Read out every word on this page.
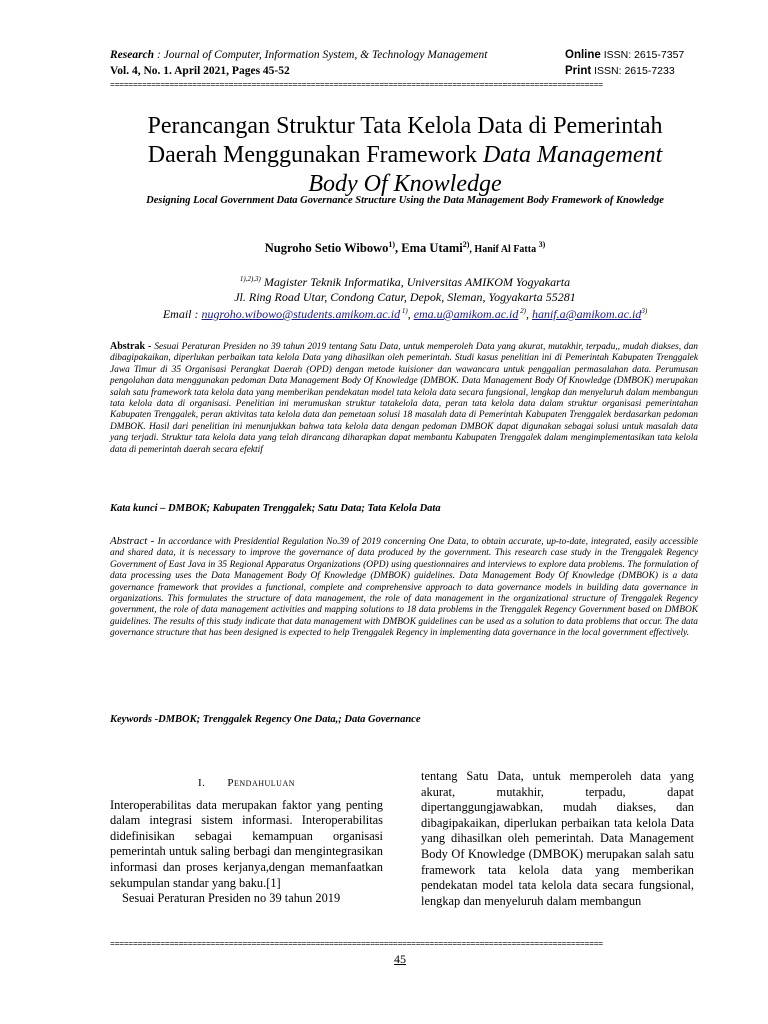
Research : Journal of Computer, Information System, & Technology Management
Vol. 4, No. 1. April 2021, Pages 45-52
Online ISSN: 2615-7357
Print ISSN: 2615-7233
============================================================================================================
Perancangan Struktur Tata Kelola Data di Pemerintah
Daerah Menggunakan Framework Data Management
Body Of Knowledge
Designing Local Government Data Governance Structure Using the Data Management Body Framework of Knowledge
Nugroho Setio Wibowo$^{1)}$, Ema Utami$^{2)}$, Hanif Al Fatta $^{3)}$
$^{1),2),3)}$ Magister Teknik Informatika, Universitas AMIKOM Yogyakarta
Jl. Ring Road Utar, Condong Catur, Depok, Sleman, Yogyakarta 55281
Email : nugroho.wibowo@students.amikom.ac.id $^{1)}$, ema.u@amikom.ac.id $^{2)}$, $hanif.a@amikom.ac.id^{3)}$
Abstrak - Sesuai Peraturan Presiden no 39 tahun 2019 tentang Satu Data, untuk memperoleh Data yang akurat, mutakhir, terpadu,, mudah diakses, dan dibagipakaikan, diperlukan perbaikan tata kelola Data yang dihasilkan oleh pemerintah. Studi kasus penelitian ini di Pemerintah Kabupaten Trenggalek Jawa Timur di 35 Organisasi Perangkat Daerah (OPD) dengan metode kuisioner dan wawancara untuk penggalian permasalahan data. Perumusan pengolahan data menggunakan pedoman Data Management Body Of Knowledge (DMBOK. Data Management Body Of Knowledge (DMBOK) merupakan salah satu framework tata kelola data yang memberikan pendekatan model tata kelola data secara fungsional, lengkap dan menyeluruh dalam membangun tata kelola data di organisasi. Penelitian ini merumuskan struktur tatakelola data, peran tata kelola data dalam struktur organisasi pemerintahan Kabupaten Trenggalek, peran aktivitas tata kelola data dan pemetaan solusi 18 masalah data di Pemerintah Kabupaten Trenggalek berdasarkan pedoman DMBOK. Hasil dari penelitian ini menunjukkan bahwa tata kelola data dengan pedoman DMBOK dapat digunakan sebagai solusi untuk masalah data yang terjadi. Struktur tata kelola data yang telah dirancang diharapkan dapat membantu Kabupaten Trenggalek dalam mengimplementasikan tata kelola data di pemerintah daerah secara efektif
Kata kunci – DMBOK; Kabupaten Trenggalek; Satu Data; Tata Kelola Data
Abstract - In accordance with Presidential Regulation No.39 of 2019 concerning One Data, to obtain accurate, up-to-date, integrated, easily accessible and shared data, it is necessary to improve the governance of data produced by the government. This research case study in the Trenggalek Regency Government of East Java in 35 Regional Apparatus Organizations (OPD) using questionnaires and interviews to explore data problems. The formulation of data processing uses the Data Management Body Of Knowledge (DMBOK) guidelines. Data Management Body Of Knowledge (DMBOK) is a data governance framework that provides a functional, complete and comprehensive approach to data governance models in building data governance in organizations. This formulates the structure of data management, the role of data management in the organizational structure of Trenggalek Regency government, the role of data management activities and mapping solutions to 18 data problems in the Trenggalek Regency Government based on DMBOK guidelines. The results of this study indicate that data management with DMBOK guidelines can be used as a solution to data problems that occur. The data governance structure that has been designed is expected to help Trenggalek Regency in implementing data governance in the local government effectively.
Keywords -DMBOK; Trenggalek Regency One Data,; Data Governance

I. Pendahuluan

Interoperabilitas data merupakan faktor yang penting dalam integrasi sistem informasi. Interoperabilitas didefinisikan sebagai kemampuan organisasi pemerintah untuk saling berbagi dan mengintegrasikan informasi dan proses kerjanya,dengan memanfaatkan sekumpulan standar yang baku.[1]

Sesuai Peraturan Presiden no 39 tahun 2019

tentang Satu Data, untuk memperoleh data yang akurat, mutakhir, terpadu, dapat dipertanggungjawabkan, mudah diakses, dan dibagipakaikan, diperlukan perbaikan tata kelola Data yang dihasilkan oleh pemerintah. Data Management Body Of Knowledge (DMBOK) merupakan salah satu framework tata kelola data yang memberikan pendekatan model tata kelola data secara fungsional, lengkap dan menyeluruh dalam membangun

============================================================================================================
45
